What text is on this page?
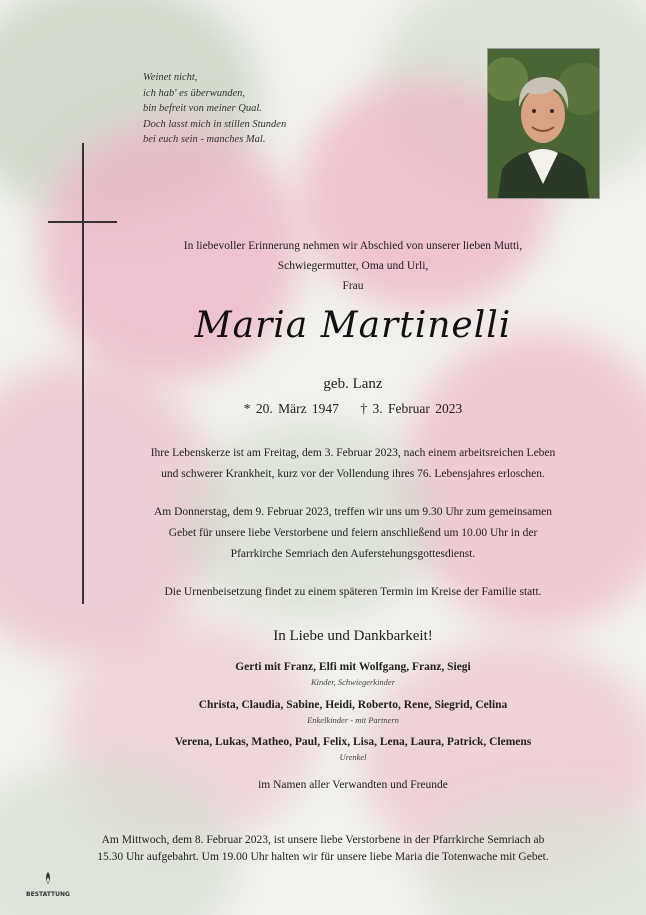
Weinet nicht,
ich hab' es überwunden,
bin befreit von meiner Qual.
Doch lasst mich in stillen Stunden
bei euch sein - manches Mal.
In liebevoller Erinnerung nehmen wir Abschied von unserer lieben Mutti,
Schwiegermutter, Oma und Urli,
Frau
Maria Martinelli
geb. Lanz
* 20. März 1947 † 3. Februar 2023
Ihre Lebenskerze ist am Freitag, dem 3. Februar 2023, nach einem arbeitsreichen Leben
und schwerer Krankheit, kurz vor der Vollendung ihres 76. Lebensjahres erloschen.
Am Donnerstag, dem 9. Februar 2023, treffen wir uns um 9.30 Uhr zum gemeinsamen
Gebet für unsere liebe Verstorbene und feiern anschließend um 10.00 Uhr in der
Pfarrkirche Semriach den Auferstehungsgottesdienst.
Die Urnenbeisetzung findet zu einem späteren Termin im Kreise der Familie statt.
In Liebe und Dankbarkeit!
Gerti mit Franz, Elfi mit Wolfgang, Franz, Siegi
Kinder, Schwiegerkinder
Christa, Claudia, Sabine, Heidi, Roberto, Rene, Siegrid, Celina
Enkelkinder - mit Partnern
Verena, Lukas, Matheo, Paul, Felix, Lisa, Lena, Laura, Patrick, Clemens
Urenkel
im Namen aller Verwandten und Freunde
Am Mittwoch, dem 8. Februar 2023, ist unsere liebe Verstorbene in der Pfarrkirche Semriach ab
15.30 Uhr aufgebahrt. Um 19.00 Uhr halten wir für unsere liebe Maria die Totenwache mit Gebet.
BESTATTUNG
